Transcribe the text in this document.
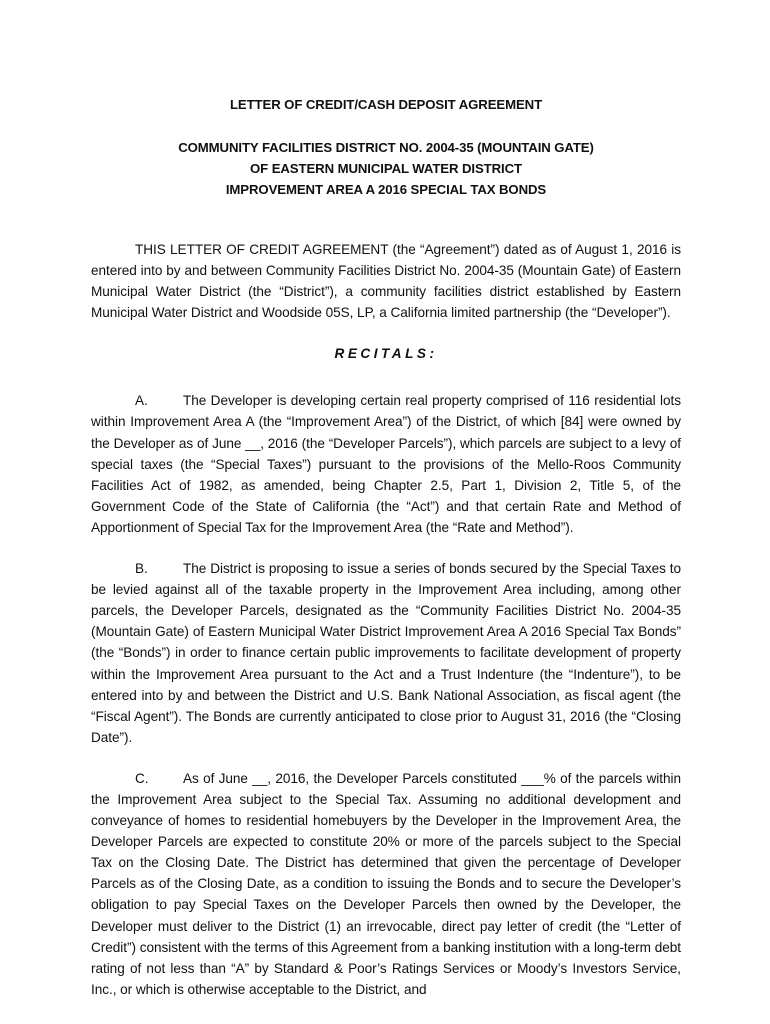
LETTER OF CREDIT/CASH DEPOSIT AGREEMENT

COMMUNITY FACILITIES DISTRICT NO. 2004-35 (MOUNTAIN GATE)

OF EASTERN MUNICIPAL WATER DISTRICT

IMPROVEMENT AREA A 2016 SPECIAL TAX BONDS

THIS LETTER OF CREDIT AGREEMENT (the “Agreement”) dated as of August 1, 2016 is entered into by and between Community Facilities District No. 2004-35 (Mountain Gate) of Eastern Municipal Water District (the “District”), a community facilities district established by Eastern Municipal Water District and Woodside 05S, LP, a California limited partnership (the “Developer”).

RECITALS:

A.	The Developer is developing certain real property comprised of 116 residential lots within Improvement Area A (the “Improvement Area”) of the District, of which [84] were owned by the Developer as of June __, 2016 (the “Developer Parcels”), which parcels are subject to a levy of special taxes (the “Special Taxes”) pursuant to the provisions of the Mello-Roos Community Facilities Act of 1982, as amended, being Chapter 2.5, Part 1, Division 2, Title 5, of the Government Code of the State of California (the “Act”) and that certain Rate and Method of Apportionment of Special Tax for the Improvement Area (the “Rate and Method”).

B.	The District is proposing to issue a series of bonds secured by the Special Taxes to be levied against all of the taxable property in the Improvement Area including, among other parcels, the Developer Parcels, designated as the “Community Facilities District No. 2004-35 (Mountain Gate) of Eastern Municipal Water District Improvement Area A 2016 Special Tax Bonds” (the “Bonds”) in order to finance certain public improvements to facilitate development of property within the Improvement Area pursuant to the Act and a Trust Indenture (the “Indenture”), to be entered into by and between the District and U.S. Bank National Association, as fiscal agent (the “Fiscal Agent”). The Bonds are currently anticipated to close prior to August 31, 2016 (the “Closing Date”).

C.	As of June __, 2016, the Developer Parcels constituted ___% of the parcels within the Improvement Area subject to the Special Tax. Assuming no additional development and conveyance of homes to residential homebuyers by the Developer in the Improvement Area, the Developer Parcels are expected to constitute 20% or more of the parcels subject to the Special Tax on the Closing Date. The District has determined that given the percentage of Developer Parcels as of the Closing Date, as a condition to issuing the Bonds and to secure the Developer’s obligation to pay Special Taxes on the Developer Parcels then owned by the Developer, the Developer must deliver to the District (1) an irrevocable, direct pay letter of credit (the “Letter of Credit”) consistent with the terms of this Agreement from a banking institution with a long-term debt rating of not less than “A” by Standard & Poor’s Ratings Services or Moody’s Investors Service, Inc., or which is otherwise acceptable to the District, and
